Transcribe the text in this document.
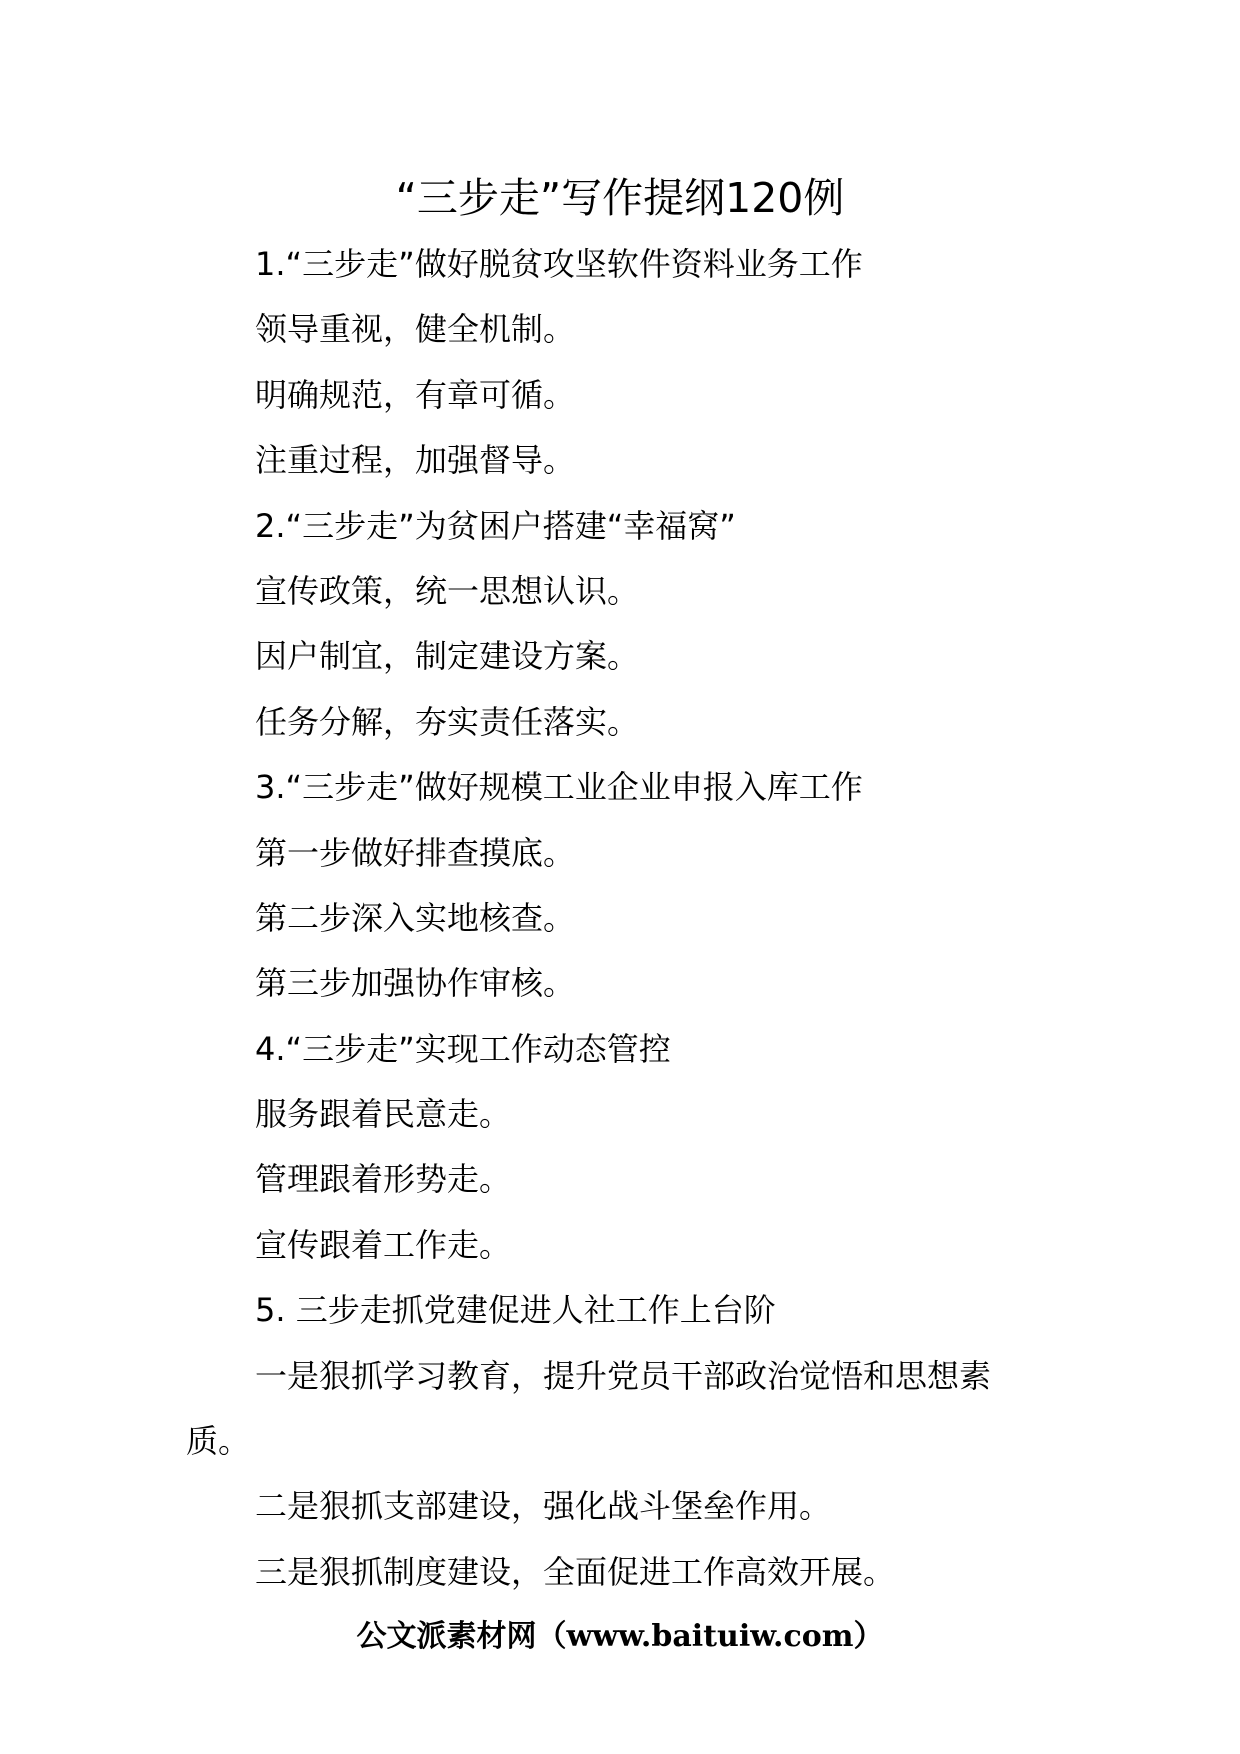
“三步走”写作提纲120例
1.“三步走”做好脱贫攻坚软件资料业务工作
领导重视，健全机制。
明确规范，有章可循。
注重过程，加强督导。
2.“三步走”为贫困户搭建“幸福窝”
宣传政策，统一思想认识。
因户制宜，制定建设方案。
任务分解，夯实责任落实。
3.“三步走”做好规模工业企业申报入库工作
第一步做好排查摸底。
第二步深入实地核查。
第三步加强协作审核。
4.“三步走”实现工作动态管控
服务跟着民意走。
管理跟着形势走。
宣传跟着工作走。
5. 三步走抓党建促进人社工作上台阶
一是狠抓学习教育，提升党员干部政治觉悟和思想素
质。
二是狠抓支部建设，强化战斗堡垒作用。
三是狠抓制度建设，全面促进工作高效开展。
公文派素材网（www.baituiw.com）
